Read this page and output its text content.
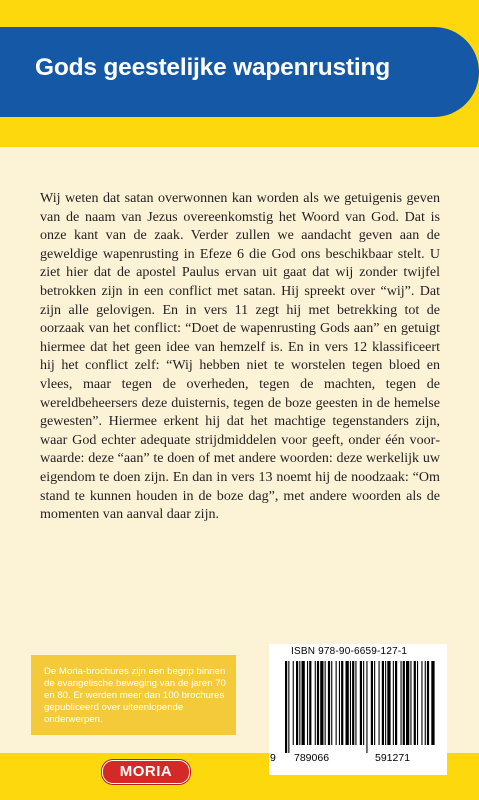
Gods geestelijke wapenrusting

Wij weten dat satan overwonnen kan worden als we getuigenis geven van de naam van Jezus overeenkomstig het Woord van God. Dat is onze kant van de zaak. Verder zullen we aandacht geven aan de geweldige wapenrusting in Efeze 6 die God ons beschikbaar stelt. U ziet hier dat de apostel Paulus ervan uit gaat dat wij zonder twijfel betrokken zijn in een conflict met satan. Hij spreekt over “wij”. Dat zijn alle gelovigen. En in vers 11 zegt hij met betrekking tot de oorzaak van het conflict: “Doet de wapenrusting Gods aan” en getuigt hiermee dat het geen idee van hemzelf is. En in vers 12 klassificeert hij het conflict zelf: “Wij hebben niet te worstelen tegen bloed en vlees, maar tegen de overheden, tegen de machten, tegen de wereldbeheersers deze duisternis, tegen de boze geesten in de hemelse gewesten”. Hiermee erkent hij dat het machtige tegenstanders zijn, waar God echter adequate strijdmiddelen voor geeft, onder één voorwaarde: deze “aan” te doen of met andere woorden: deze werkelijk uw eigendom te doen zijn. En dan in vers 13 noemt hij de noodzaak: “Om stand te kunnen houden in de boze dag”, met andere woorden als de momenten van aanval daar zijn.

De Moria-brochures zijn een begrip binnen de evangelische beweging van de jaren 70 en 80. Er werden meer dan 100 brochures gepubliceerd over uiteenlopende onderwerpen.

ISBN 978-90-6659-127-1

9 789066	591271

MORIA
